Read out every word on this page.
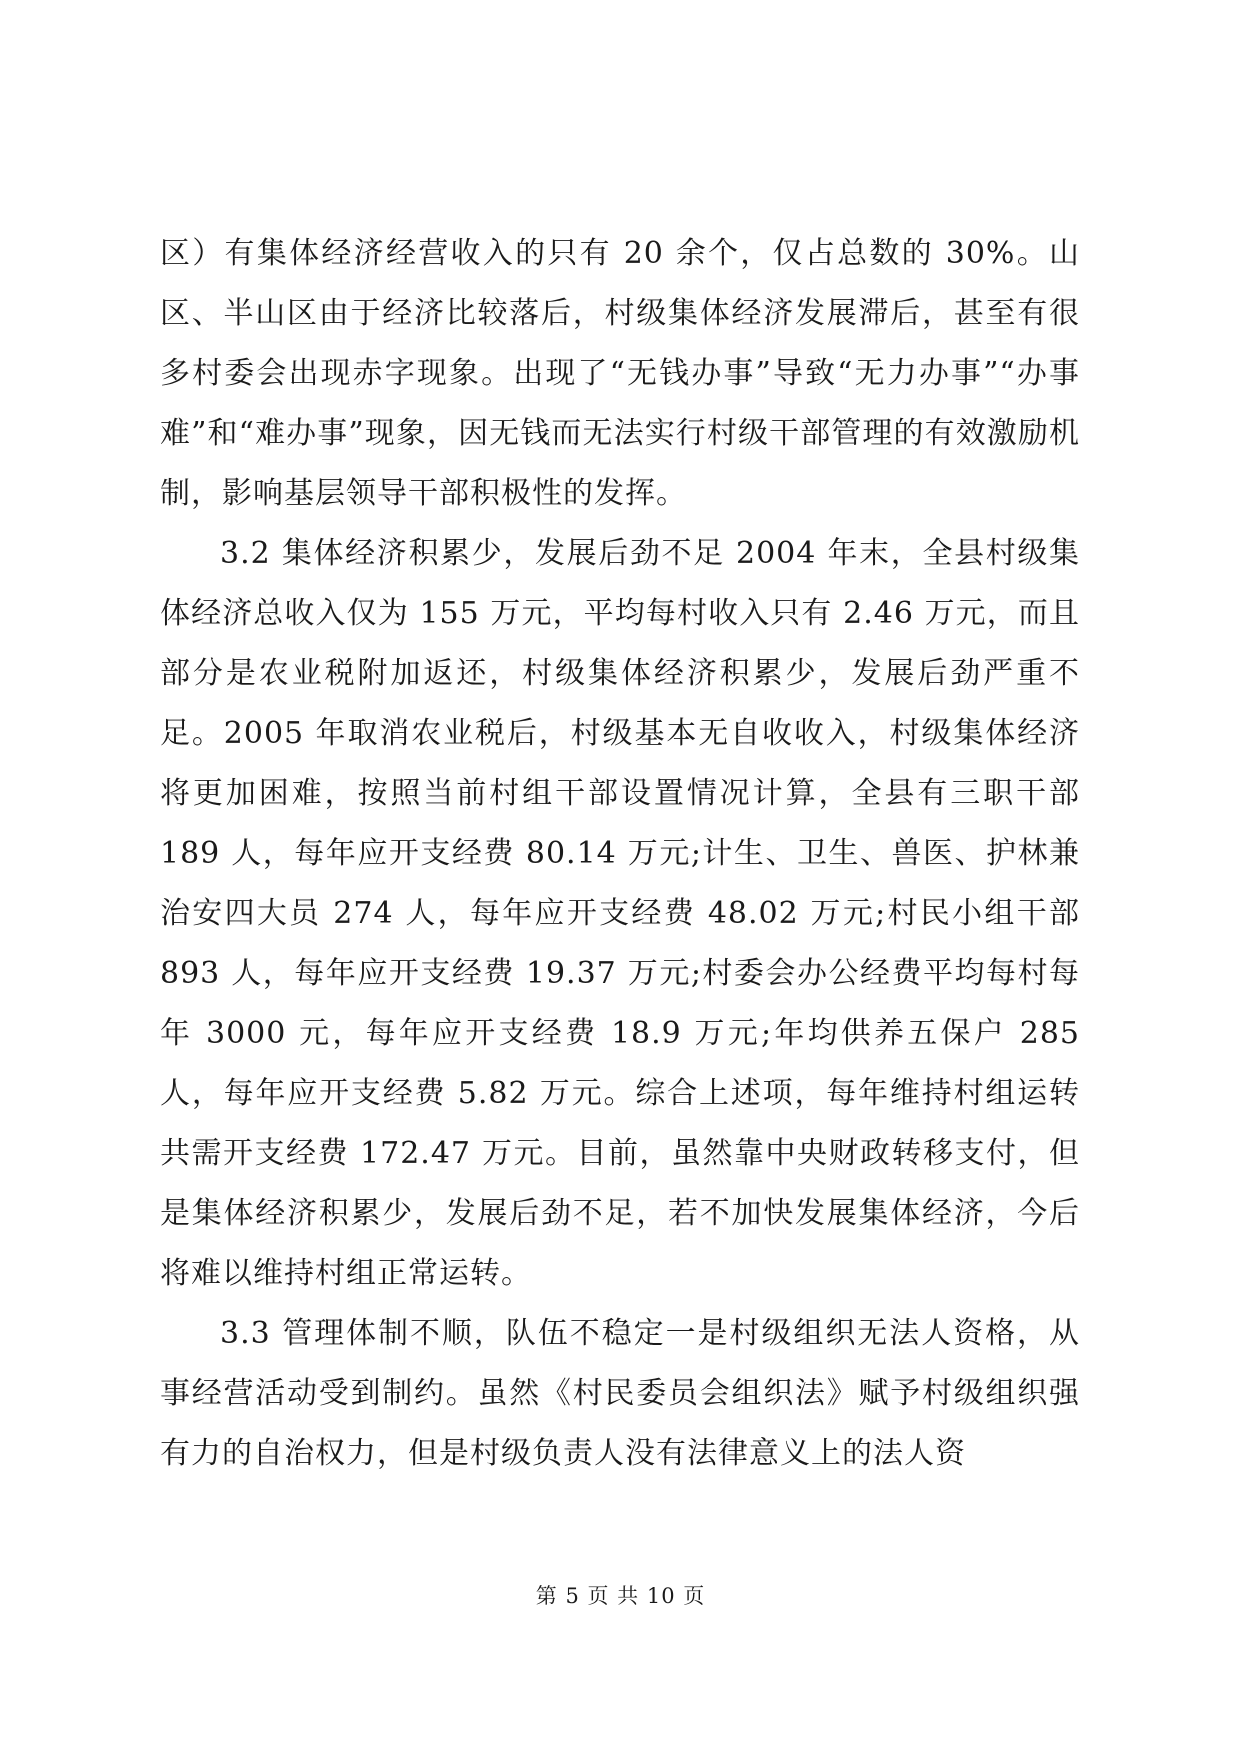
区）有集体经济经营收入的只有 20 余个，仅占总数的 30%。山区、半山区由于经济比较落后，村级集体经济发展滞后，甚至有很多村委会出现赤字现象。出现了“无钱办事”导致“无力办事”“办事难”和“难办事”现象，因无钱而无法实行村级干部管理的有效激励机制，影响基层领导干部积极性的发挥。

3.2 集体经济积累少，发展后劲不足 2004 年末，全县村级集体经济总收入仅为 155 万元，平均每村收入只有 2.46 万元，而且部分是农业税附加返还，村级集体经济积累少，发展后劲严重不足。2005 年取消农业税后，村级基本无自收收入，村级集体经济将更加困难，按照当前村组干部设置情况计算，全县有三职干部 189 人，每年应开支经费 80.14 万元;计生、卫生、兽医、护林兼治安四大员 274 人，每年应开支经费 48.02 万元;村民小组干部 893 人，每年应开支经费 19.37 万元;村委会办公经费平均每村每年 3000 元，每年应开支经费 18.9 万元;年均供养五保户 285 人，每年应开支经费 5.82 万元。综合上述项，每年维持村组运转共需开支经费 172.47 万元。目前，虽然靠中央财政转移支付，但是集体经济积累少，发展后劲不足，若不加快发展集体经济，今后将难以维持村组正常运转。

3.3 管理体制不顺，队伍不稳定一是村级组织无法人资格，从事经营活动受到制约。虽然《村民委员会组织法》赋予村级组织强有力的自治权力，但是村级负责人没有法律意义上的法人资

第 5 页 共 10 页
